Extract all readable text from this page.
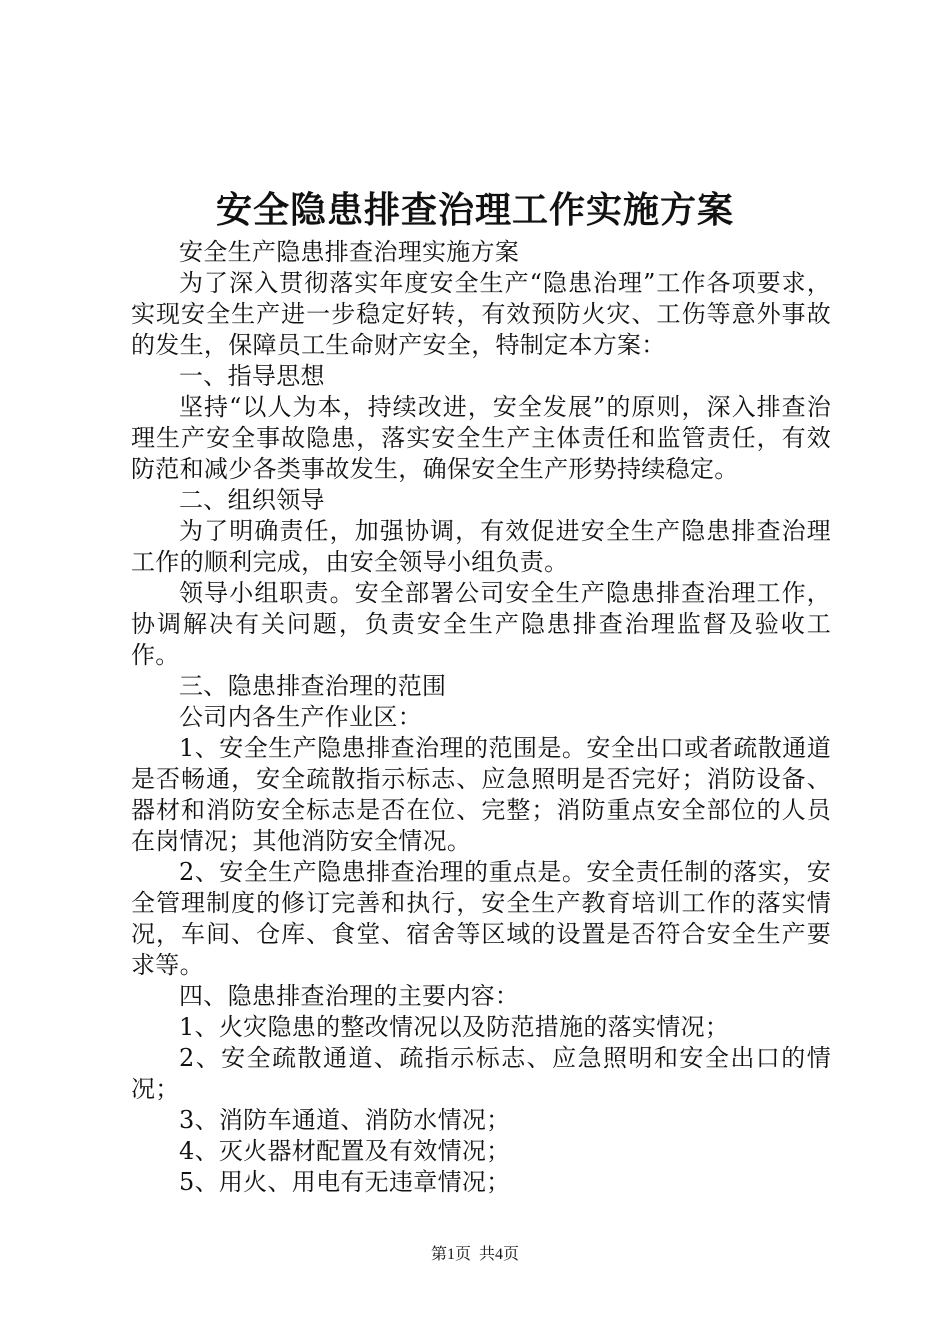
安全隐患排查治理工作实施方案

安全生产隐患排查治理实施方案

为了深入贯彻落实年度安全生产“隐患治理”工作各项要求，实现安全生产进一步稳定好转，有效预防火灾、工伤等意外事故的发生，保障员工生命财产安全，特制定本方案：

一、指导思想

坚持“以人为本，持续改进，安全发展”的原则，深入排查治理生产安全事故隐患，落实安全生产主体责任和监管责任，有效防范和减少各类事故发生，确保安全生产形势持续稳定。

二、组织领导

为了明确责任，加强协调，有效促进安全生产隐患排查治理工作的顺利完成，由安全领导小组负责。

领导小组职责。安全部署公司安全生产隐患排查治理工作，协调解决有关问题，负责安全生产隐患排查治理监督及验收工作。

三、隐患排查治理的范围

公司内各生产作业区：

1、安全生产隐患排查治理的范围是。安全出口或者疏散通道是否畅通，安全疏散指示标志、应急照明是否完好；消防设备、器材和消防安全标志是否在位、完整；消防重点安全部位的人员在岗情况；其他消防安全情况。

2、安全生产隐患排查治理的重点是。安全责任制的落实，安全管理制度的修订完善和执行，安全生产教育培训工作的落实情况，车间、仓库、食堂、宿舍等区域的设置是否符合安全生产要求等。

四、隐患排查治理的主要内容：

1、火灾隐患的整改情况以及防范措施的落实情况；

2、安全疏散通道、疏指示标志、应急照明和安全出口的情况；

3、消防车通道、消防水情况；

4、灭火器材配置及有效情况；

5、用火、用电有无违章情况；

第1页 共4页
